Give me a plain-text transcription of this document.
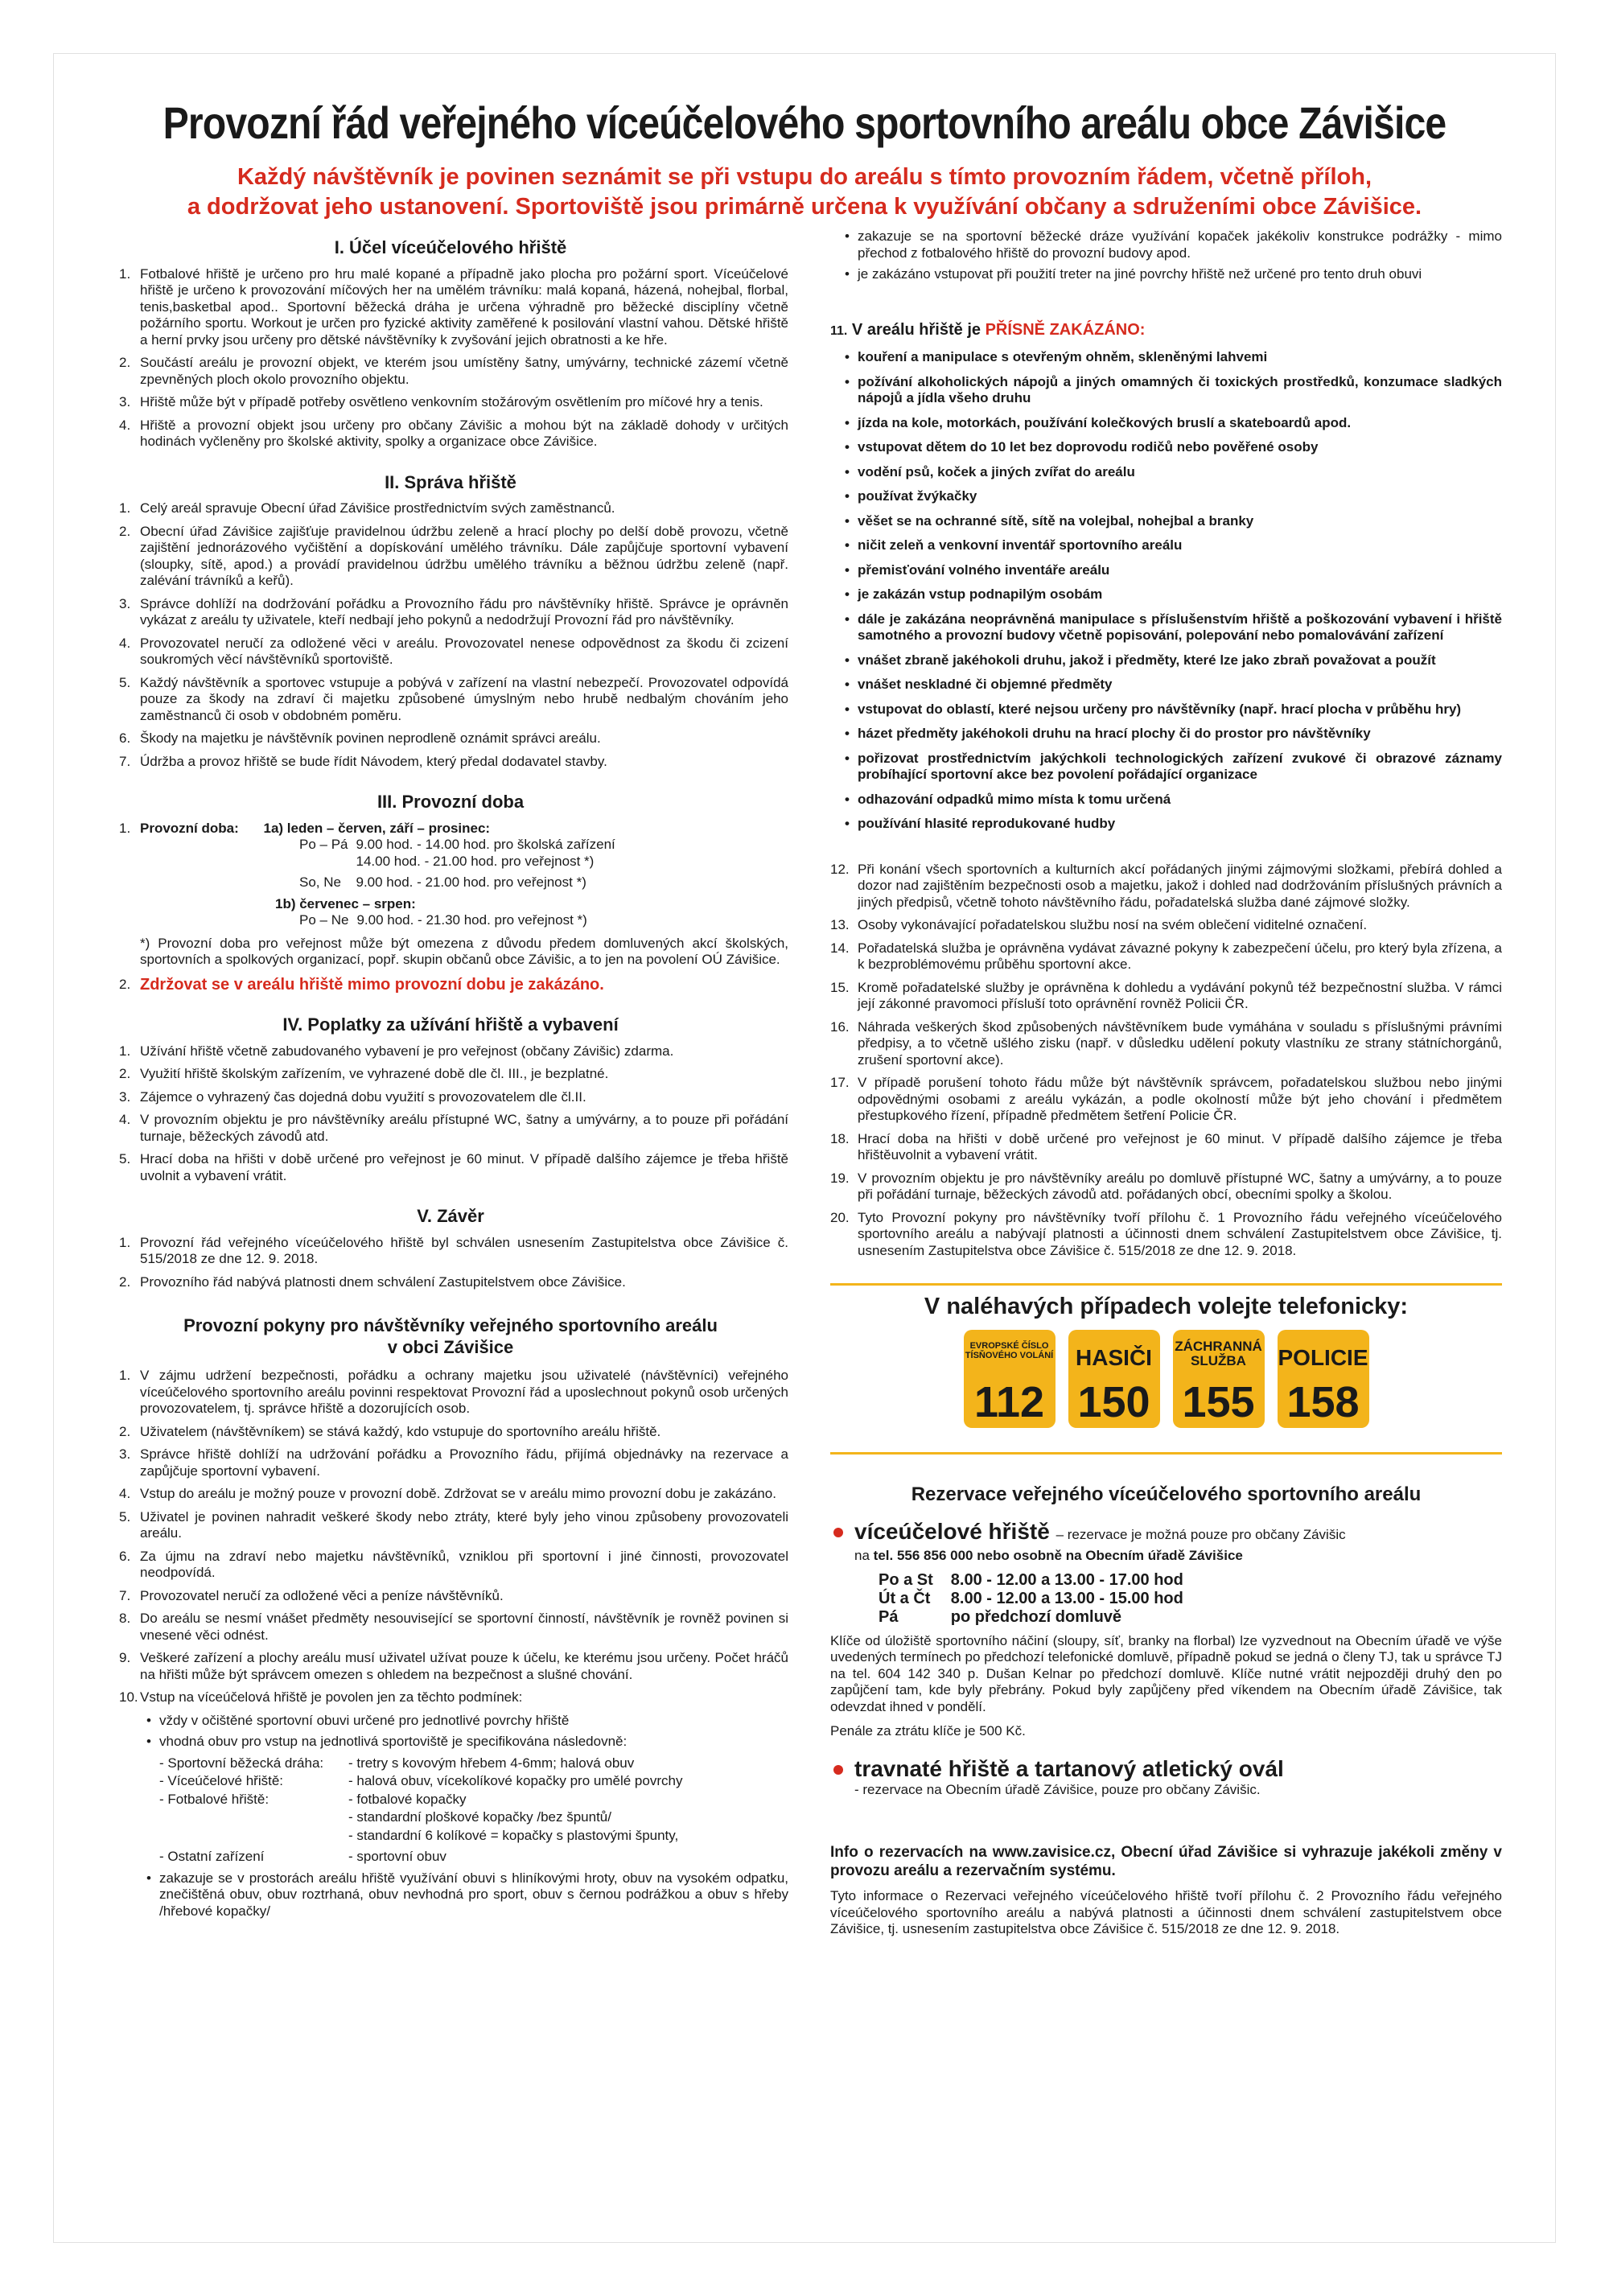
Provozní řád veřejného víceúčelového sportovního areálu obce Závišice
Každý návštěvník je povinen seznámit se při vstupu do areálu s tímto provozním řádem, včetně příloh,
a dodržovat jeho ustanovení. Sportoviště jsou primárně určena k využívání občany a sdruženími obce Závišice.
I. Účel víceúčelového hřiště
1. Fotbalové hřiště je určeno pro hru malé kopané a případně jako plocha pro požární sport. Víceúčelové hřiště je určeno k provozování míčových her na umělém trávníku: malá kopaná, házená, nohejbal, florbal, tenis,basketbal apod.. Sportovní běžecká dráha je určena výhradně pro běžecké disciplíny včetně požárního sportu. Workout je určen pro fyzické aktivity zaměřené k posilování vlastní vahou. Dětské hřiště a herní prvky jsou určeny pro dětské návštěvníky k zvyšování jejich obratnosti a ke hře.
2. Součástí areálu je provozní objekt, ve kterém jsou umístěny šatny, umývárny, technické zázemí včetně zpevněných ploch okolo provozního objektu.
3. Hřiště může být v případě potřeby osvětleno venkovním stožárovým osvětlením pro míčové hry a tenis.
4. Hřiště a provozní objekt jsou určeny pro občany Závišic a mohou být na základě dohody v určitých hodinách vyčleněny pro školské aktivity, spolky a organizace obce Závišice.
II. Správa hřiště
1. Celý areál spravuje Obecní úřad Závišice prostřednictvím svých zaměstnanců.
2. Obecní úřad Závišice zajišťuje pravidelnou údržbu zeleně a hrací plochy po delší době provozu, včetně zajištění jednorázového vyčištění a dopískování umělého trávníku. Dále zapůjčuje sportovní vybavení (sloupky, sítě, apod.) a provádí pravidelnou údržbu umělého trávníku a běžnou údržbu zeleně (např. zalévání trávníků a keřů).
3. Správce dohlíží na dodržování pořádku a Provozního řádu pro návštěvníky hřiště. Správce je oprávněn vykázat z areálu ty uživatele, kteří nedbají jeho pokynů a nedodržují Provozní řád pro návštěvníky.
4. Provozovatel neručí za odložené věci v areálu. Provozovatel nenese odpovědnost za škodu či zcizení soukromých věcí návštěvníků sportoviště.
5. Každý návštěvník a sportovec vstupuje a pobývá v zařízení na vlastní nebezpečí. Provozovatel odpovídá pouze za škody na zdraví či majetku způsobené úmyslným nebo hrubě nedbalým chováním jeho zaměstnanců či osob v obdobném poměru.
6. Škody na majetku je návštěvník povinen neprodleně oznámit správci areálu.
7. Údržba a provoz hřiště se bude řídit Návodem, který předal dodavatel stavby.
III. Provozní doba
1. Provozní doba: 1a) leden – červen, září – prosinec:
Po – Pá	9.00 hod. - 14.00 hod. pro školská zařízení
	14.00 hod. - 21.00 hod. pro veřejnost *)
So, Ne	9.00 hod. - 21.00 hod. pro veřejnost *)
1b) červenec – srpen:
Po – Ne	9.00 hod. - 21.30 hod. pro veřejnost *)
*) Provozní doba pro veřejnost může být omezena z důvodu předem domluvených akcí školských, sportovních a spolkových organizací, popř. skupin občanů obce Závišic, a to jen na povolení OÚ Závišice.
2. Zdržovat se v areálu hřiště mimo provozní dobu je zakázáno.
IV. Poplatky za užívání hřiště a vybavení
1. Užívání hřiště včetně zabudovaného vybavení je pro veřejnost (občany Závišic) zdarma.
2. Využití hřiště školským zařízením, ve vyhrazené době dle čl. III., je bezplatné.
3. Zájemce o vyhrazený čas dojedná dobu využití s provozovatelem dle čl.II.
4. V provozním objektu je pro návštěvníky areálu přístupné WC, šatny a umývárny, a to pouze při pořádání turnaje, běžeckých závodů atd.
5. Hrací doba na hřišti v době určené pro veřejnost je 60 minut. V případě dalšího zájemce je třeba hřiště uvolnit a vybavení vrátit.
V. Závěr
1. Provozní řád veřejného víceúčelového hřiště byl schválen usnesením Zastupitelstva obce Závišice č. 515/2018 ze dne 12. 9. 2018.
2. Provozního řád nabývá platnosti dnem schválení Zastupitelstvem obce Závišice.
Provozní pokyny pro návštěvníky veřejného sportovního areálu
v obci Závišice
1. V zájmu udržení bezpečnosti, pořádku a ochrany majetku jsou uživatelé (návštěvníci) veřejného víceúčelového sportovního areálu povinni respektovat Provozní řád a uposlechnout pokynů osob určených provozovatelem, tj. správce hřiště a dozorujících osob.
2. Uživatelem (návštěvníkem) se stává každý, kdo vstupuje do sportovního areálu hřiště.
3. Správce hřiště dohlíží na udržování pořádku a Provozního řádu, přijímá objednávky na rezervace a zapůjčuje sportovní vybavení.
4. Vstup do areálu je možný pouze v provozní době. Zdržovat se v areálu mimo provozní dobu je zakázáno.
5. Uživatel je povinen nahradit veškeré škody nebo ztráty, které byly jeho vinou způsobeny provozovateli areálu.
6. Za újmu na zdraví nebo majetku návštěvníků, vzniklou při sportovní i jiné činnosti, provozovatel neodpovídá.
7. Provozovatel neručí za odložené věci a peníze návštěvníků.
8. Do areálu se nesmí vnášet předměty nesouvisející se sportovní činností, návštěvník je rovněž povinen si vnesené věci odnést.
9. Veškeré zařízení a plochy areálu musí uživatel užívat pouze k účelu, ke kterému jsou určeny. Počet hráčů na hřišti může být správcem omezen s ohledem na bezpečnost a slušné chování.
10. Vstup na víceúčelová hřiště je povolen jen za těchto podmínek:
• vždy v očištěné sportovní obuvi určené pro jednotlivé povrchy hřiště
• vhodná obuv pro vstup na jednotlivá sportoviště je specifikována následovně:
- Sportovní běžecká dráha:	- tretry s kovovým hřebem 4-6mm; halová obuv
- Víceúčelové hřiště:	- halová obuv, vícekolíkové kopačky pro umělé povrchy
- Fotbalové hřiště:	- fotbalové kopačky
- standardní ploškové kopačky /bez špuntů/
- standardní 6 kolíkové = kopačky s plastovými špunty,
- Ostatní zařízení	- sportovní obuv
• zakazuje se v prostorách areálu hřiště využívání obuvi s hliníkovými hroty, obuv na vysokém odpatku, znečištěná obuv, obuv roztrhaná, obuv nevhodná pro sport, obuv s černou podrážkou a obuv s hřeby /hřebové kopačky/
• zakazuje se na sportovní běžecké dráze využívání kopaček jakékoliv konstrukce podrážky - mimo přechod z fotbalového hřiště do provozní budovy apod.
• je zakázáno vstupovat při použití treter na jiné povrchy hřiště než určené pro tento druh obuvi
11. V areálu hřiště je PŘÍSNĚ ZAKÁZÁNO:
• kouření a manipulace s otevřeným ohněm, skleněnými lahvemi
• požívání alkoholických nápojů a jiných omamných či toxických prostředků, konzumace sladkých nápojů a jídla všeho druhu
• jízda na kole, motorkách, používání kolečkových bruslí a skateboardů apod.
• vstupovat dětem do 10 let bez doprovodu rodičů nebo pověřené osoby
• vodění psů, koček a jiných zvířat do areálu
• používat žvýkačky
• věšet se na ochranné sítě, sítě na volejbal, nohejbal a branky
• ničit zeleň a venkovní inventář sportovního areálu
• přemisťování volného inventáře areálu
• je zakázán vstup podnapilým osobám
• dále je zakázána neoprávněná manipulace s příslušenstvím hřiště a poškozování vybavení i hřiště samotného a provozní budovy včetně popisování, polepování nebo pomalovávání zařízení
• vnášet zbraně jakéhokoli druhu, jakož i předměty, které lze jako zbraň považovat a použít
• vnášet neskladné či objemné předměty
• vstupovat do oblastí, které nejsou určeny pro návštěvníky (např. hrací plocha v průběhu hry)
• házet předměty jakéhokoli druhu na hrací plochy či do prostor pro návštěvníky
• pořizovat prostřednictvím jakýchkoli technologických zařízení zvukové či obrazové záznamy probíhající sportovní akce bez povolení pořádající organizace
• odhazování odpadků mimo místa k tomu určená
• používání hlasité reprodukované hudby
12. Při konání všech sportovních a kulturních akcí pořádaných jinými zájmovými složkami, přebírá dohled a dozor nad zajištěním bezpečnosti osob a majetku, jakož i dohled nad dodržováním příslušných právních a jiných předpisů, včetně tohoto návštěvního řádu, pořadatelská služba dané zájmové složky.
13. Osoby vykonávající pořadatelskou službu nosí na svém oblečení viditelné označení.
14. Pořadatelská služba je oprávněna vydávat závazné pokyny k zabezpečení účelu, pro který byla zřízena, a k bezproblémovému průběhu sportovní akce.
15. Kromě pořadatelské služby je oprávněna k dohledu a vydávání pokynů též bezpečnostní služba. V rámci její zákonné pravomoci přísluší toto oprávnění rovněž Policii ČR.
16. Náhrada veškerých škod způsobených návštěvníkem bude vymáhána v souladu s příslušnými právními předpisy, a to včetně ušlého zisku (např. v důsledku udělení pokuty vlastníku ze strany státníchorgánů, zrušení sportovní akce).
17. V případě porušení tohoto řádu může být návštěvník správcem, pořadatelskou službou nebo jinými odpovědnými osobami z areálu vykázán, a podle okolností může být jeho chování i předmětem přestupkového řízení, případně předmětem šetření Policie ČR.
18. Hrací doba na hřišti v době určené pro veřejnost je 60 minut. V případě dalšího zájemce je třeba hřištěuvolnit a vybavení vrátit.
19. V provozním objektu je pro návštěvníky areálu po domluvě přístupné WC, šatny a umývárny, a to pouze při pořádání turnaje, běžeckých závodů atd. pořádaných obcí, obecními spolky a školou.
20. Tyto Provozní pokyny pro návštěvníky tvoří přílohu č. 1 Provozního řádu veřejného víceúčelového sportovního areálu a nabývají platnosti a účinnosti dnem schválení Zastupitelstvem obce Závišice, tj. usnesením Zastupitelstva obce Závišice č. 515/2018 ze dne 12. 9. 2018.
V naléhavých případech volejte telefonicky:
EVROPSKÉ ČÍSLO TÍSŇOVÉHO VOLÁNÍ
112
HASIČI
150
ZÁCHRANNÁ SLUŽBA
155
POLICIE
158
Rezervace veřejného víceúčelového sportovního areálu
víceúčelové hřiště – rezervace je možná pouze pro občany Závišic
na tel. 556 856 000 nebo osobně na Obecním úřadě Závišice
Po a St	8.00 - 12.00 a 13.00 - 17.00 hod
Út a Čt	8.00 - 12.00 a 13.00 - 15.00 hod
Pá	po předchozí domluvě
Klíče od úložiště sportovního náčiní (sloupy, síť, branky na florbal) lze vyzvednout na Obecním úřadě ve výše uvedených termínech po předchozí telefonické domluvě, případně pokud se jedná o členy TJ, tak u správce TJ na tel. 604 142 340 p. Dušan Kelnar po předchozí domluvě. Klíče nutné vrátit nejpozději druhý den po zapůjčení tam, kde byly přebrány. Pokud byly zapůjčeny před víkendem na Obecním úřadě Závišice, tak odevzdat ihned v pondělí.
Penále za ztrátu klíče je 500 Kč.
travnaté hřiště a tartanový atletický ovál
- rezervace na Obecním úřadě Závišice, pouze pro občany Závišic.
Info o rezervacích na www.zavisice.cz, Obecní úřad Závišice si vyhrazuje jakékoli změny v provozu areálu a rezervačním systému.
Tyto informace o Rezervaci veřejného víceúčelového hřiště tvoří přílohu č. 2 Provozního řádu veřejného víceúčelového sportovního areálu a nabývá platnosti a účinnosti dnem schválení zastupitelstvem obce Závišice, tj. usnesením zastupitelstva obce Závišice č. 515/2018 ze dne 12. 9. 2018.
